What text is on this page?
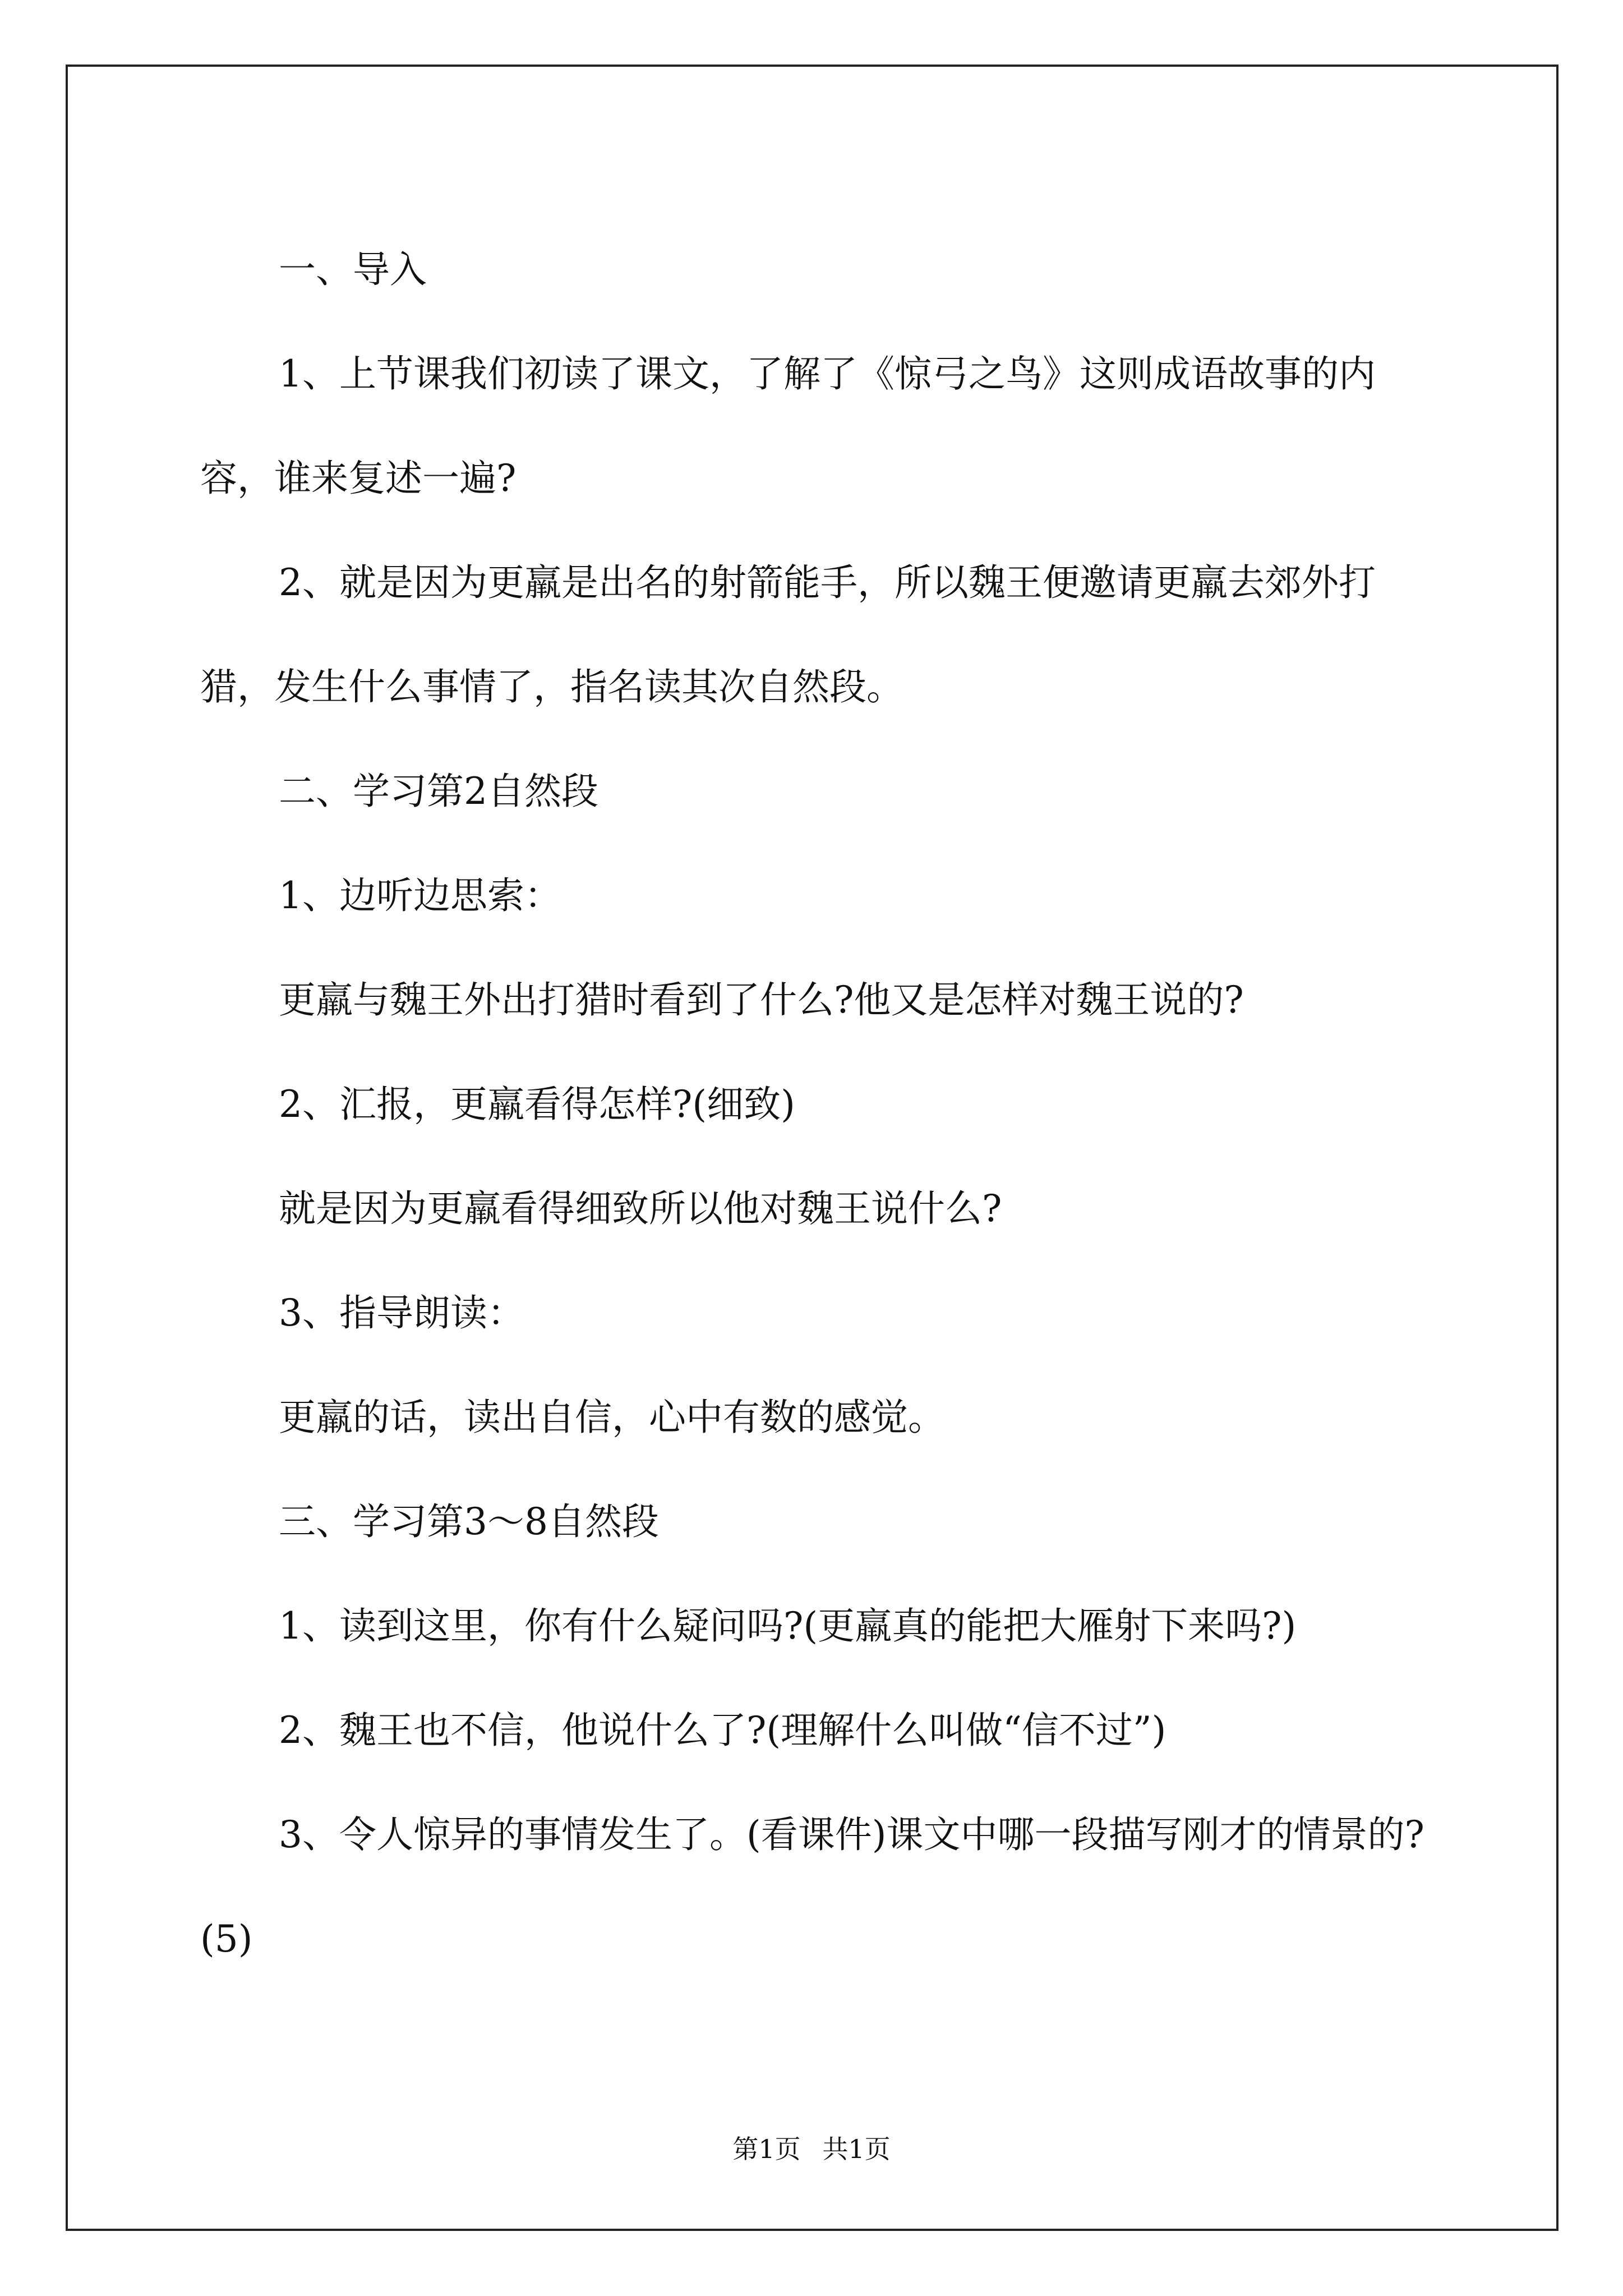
一、导入

1、上节课我们初读了课文，了解了《惊弓之鸟》这则成语故事的内容，谁来复述一遍?

2、就是因为更羸是出名的射箭能手，所以魏王便邀请更羸去郊外打猎，发生什么事情了，指名读其次自然段。

二、学习第2自然段

1、边听边思索：

更羸与魏王外出打猎时看到了什么?他又是怎样对魏王说的?

2、汇报，更羸看得怎样?(细致)

就是因为更羸看得细致所以他对魏王说什么?

3、指导朗读：

更羸的话，读出自信，心中有数的感觉。

三、学习第3～8自然段

1、读到这里，你有什么疑问吗?(更羸真的能把大雁射下来吗?)

2、魏王也不信，他说什么了?(理解什么叫做“信不过”)

3、令人惊异的事情发生了。(看课件)课文中哪一段描写刚才的情景的?(5)

第1页 共1页
